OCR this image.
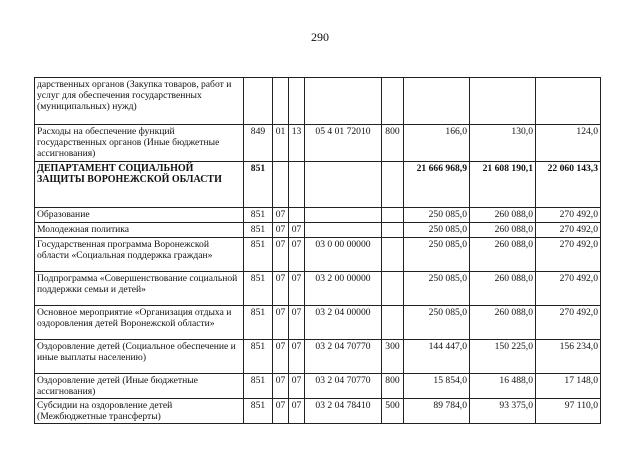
290
дарственных органов (Закупка товаров, работ и услуг для обеспечения государственных (муниципальных) нужд)								
Расходы на обеспечение функций государственных органов (Иные бюджетные ассигнования)	849	01	13	05 4 01 72010	800	166,0	130,0	124,0
ДЕПАРТАМЕНТ СОЦИАЛЬНОЙ ЗАЩИТЫ ВОРОНЕЖСКОЙ ОБЛАСТИ	851					21 666 968,9	21 608 190,1	22 060 143,3
Образование	851	07				250 085,0	260 088,0	270 492,0
Молодежная политика	851	07	07			250 085,0	260 088,0	270 492,0
Государственная программа Воронежской области «Социальная поддержка граждан»	851	07	07	03 0 00 00000		250 085,0	260 088,0	270 492,0
Подпрограмма «Совершенствование социальной поддержки семьи и детей»	851	07	07	03 2 00 00000		250 085,0	260 088,0	270 492,0
Основное мероприятие «Организация отдыха и оздоровления детей Воронежской области»	851	07	07	03 2 04 00000		250 085,0	260 088,0	270 492,0
Оздоровление детей (Социальное обеспечение и иные выплаты населению)	851	07	07	03 2 04 70770	300	144 447,0	150 225,0	156 234,0
Оздоровление детей (Иные бюджетные ассигнования)	851	07	07	03 2 04 70770	800	15 854,0	16 488,0	17 148,0
Субсидии на оздоровление детей (Межбюджетные трансферты)	851	07	07	03 2 04 78410	500	89 784,0	93 375,0	97 110,0
